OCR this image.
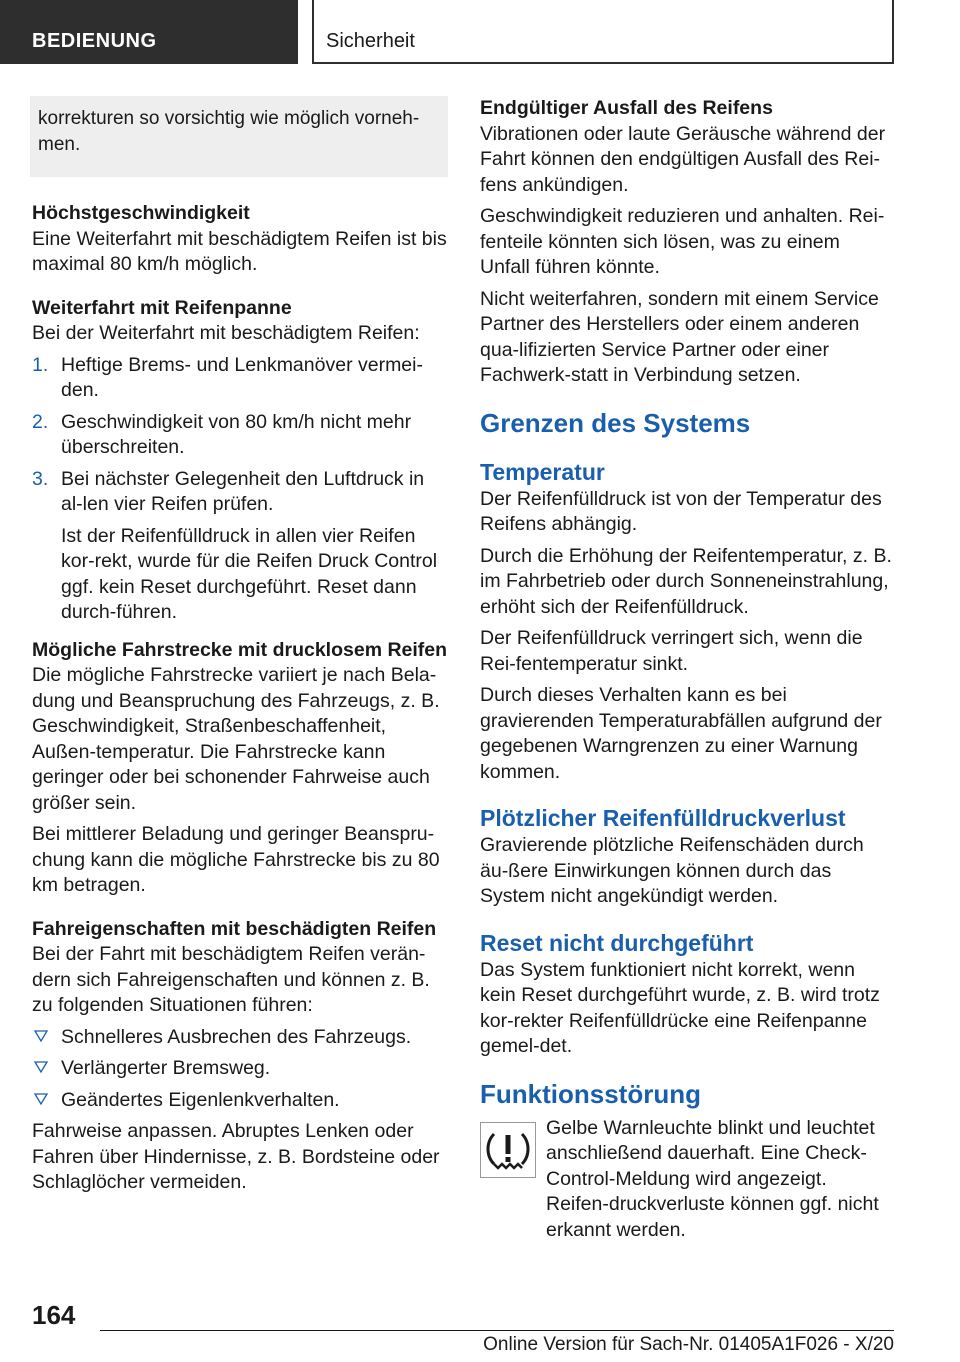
BEDIENUNG	Sicherheit

korrekturen so vorsichtig wie möglich vorneh-men.

Höchstgeschwindigkeit

Eine Weiterfahrt mit beschädigtem Reifen ist bis maximal 80 km/h möglich.

Weiterfahrt mit Reifenpanne

Bei der Weiterfahrt mit beschädigtem Reifen:

1. Heftige Brems- und Lenkmanöver vermei-den.

2. Geschwindigkeit von 80 km/h nicht mehr überschreiten.

3. Bei nächster Gelegenheit den Luftdruck in al-len vier Reifen prüfen.

Ist der Reifenfülldruck in allen vier Reifen kor-rekt, wurde für die Reifen Druck Control ggf. kein Reset durchgeführt. Reset dann durch-führen.

Mögliche Fahrstrecke mit drucklosem Reifen

Die mögliche Fahrstrecke variiert je nach Bela-dung und Beanspruchung des Fahrzeugs, z. B. Geschwindigkeit, Straßenbeschaffenheit, Außen-temperatur. Die Fahrstrecke kann geringer oder bei schonender Fahrweise auch größer sein.

Bei mittlerer Beladung und geringer Beanspru-chung kann die mögliche Fahrstrecke bis zu 80 km betragen.

Fahreigenschaften mit beschädigten Reifen

Bei der Fahrt mit beschädigtem Reifen verän-dern sich Fahreigenschaften und können z. B. zu folgenden Situationen führen:

Schnelleres Ausbrechen des Fahrzeugs.

Verlängerter Bremsweg.

Geändertes Eigenlenkverhalten.

Fahrweise anpassen. Abruptes Lenken oder Fahren über Hindernisse, z. B. Bordsteine oder Schlaglöcher vermeiden.

Endgültiger Ausfall des Reifens

Vibrationen oder laute Geräusche während der Fahrt können den endgültigen Ausfall des Rei-fens ankündigen.

Geschwindigkeit reduzieren und anhalten. Rei-fenteile könnten sich lösen, was zu einem Unfall führen könnte.

Nicht weiterfahren, sondern mit einem Service Partner des Herstellers oder einem anderen qua-lifizierten Service Partner oder einer Fachwerk-statt in Verbindung setzen.

Grenzen des Systems
Temperatur

Der Reifenfülldruck ist von der Temperatur des Reifens abhängig.

Durch die Erhöhung der Reifentemperatur, z. B. im Fahrbetrieb oder durch Sonneneinstrahlung, erhöht sich der Reifenfülldruck.

Der Reifenfülldruck verringert sich, wenn die Rei-fentemperatur sinkt.

Durch dieses Verhalten kann es bei gravierenden Temperaturabfällen aufgrund der gegebenen Warngrenzen zu einer Warnung kommen.

Plötzlicher Reifenfülldruckverlust

Gravierende plötzliche Reifenschäden durch äu-ßere Einwirkungen können durch das System nicht angekündigt werden.

Reset nicht durchgeführt

Das System funktioniert nicht korrekt, wenn kein Reset durchgeführt wurde, z. B. wird trotz kor-rekter Reifenfülldrücke eine Reifenpanne gemel-det.

Funktionsstörung

Gelbe Warnleuchte blinkt und leuchtet anschließend dauerhaft. Eine Check-Control-Meldung wird angezeigt. Reifen-druckverluste können ggf. nicht erkannt werden.

164
Online Version für Sach-Nr. 01405A1F026 - X/20
